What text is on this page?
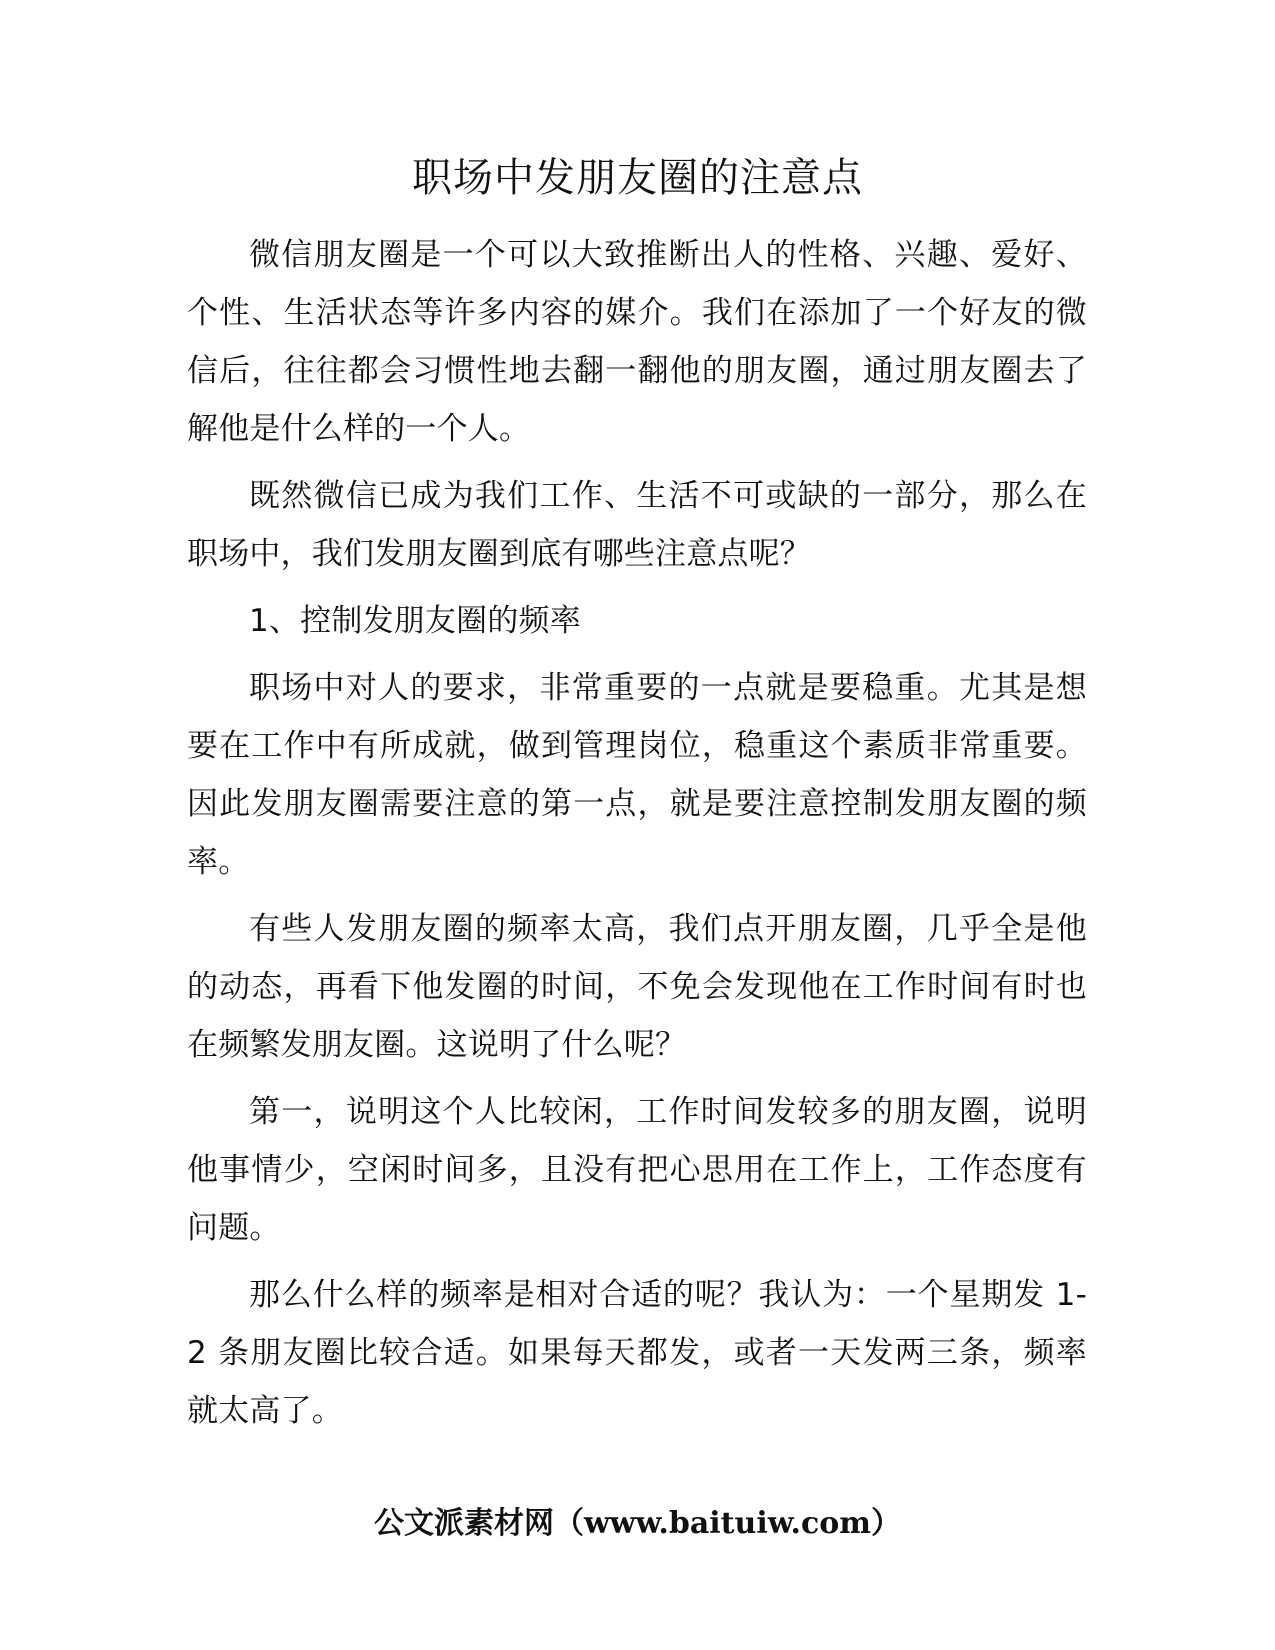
职场中发朋友圈的注意点

微信朋友圈是一个可以大致推断出人的性格、兴趣、爱好、个性、生活状态等许多内容的媒介。我们在添加了一个好友的微信后，往往都会习惯性地去翻一翻他的朋友圈，通过朋友圈去了解他是什么样的一个人。

既然微信已成为我们工作、生活不可或缺的一部分，那么在职场中，我们发朋友圈到底有哪些注意点呢？

1、控制发朋友圈的频率

职场中对人的要求，非常重要的一点就是要稳重。尤其是想要在工作中有所成就，做到管理岗位，稳重这个素质非常重要。因此发朋友圈需要注意的第一点，就是要注意控制发朋友圈的频率。

有些人发朋友圈的频率太高，我们点开朋友圈，几乎全是他的动态，再看下他发圈的时间，不免会发现他在工作时间有时也在频繁发朋友圈。这说明了什么呢？

第一，说明这个人比较闲，工作时间发较多的朋友圈，说明他事情少，空闲时间多，且没有把心思用在工作上，工作态度有问题。

那么什么样的频率是相对合适的呢？我认为：一个星期发 1-2 条朋友圈比较合适。如果每天都发，或者一天发两三条，频率就太高了。

公文派素材网（www.baituiw.com）
